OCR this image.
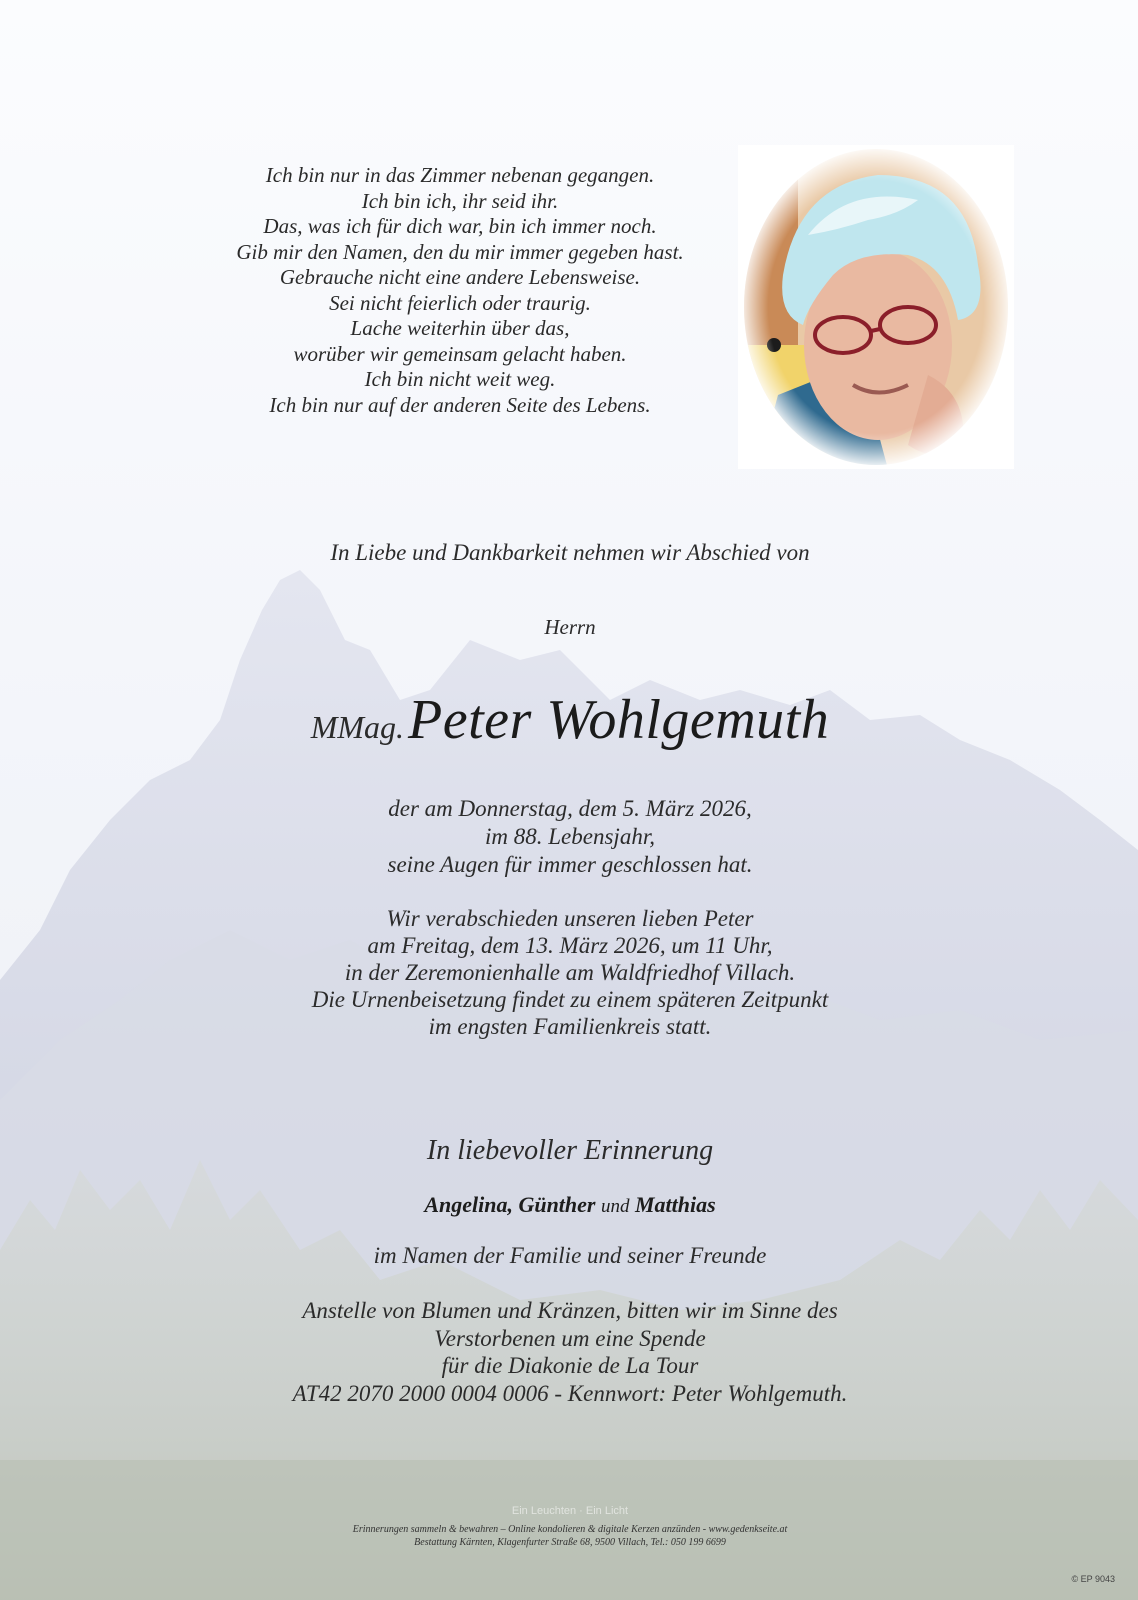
Ich bin nur in das Zimmer nebenan gegangen.
Ich bin ich, ihr seid ihr.
Das, was ich für dich war, bin ich immer noch.
Gib mir den Namen, den du mir immer gegeben hast.
Gebrauche nicht eine andere Lebensweise.
Sei nicht feierlich oder traurig.
Lache weiterhin über das,
worüber wir gemeinsam gelacht haben.
Ich bin nicht weit weg.
Ich bin nur auf der anderen Seite des Lebens.
In Liebe und Dankbarkeit nehmen wir Abschied von
Herrn
MMag. Peter Wohlgemuth
der am Donnerstag, dem 5. März 2026,
im 88. Lebensjahr,
seine Augen für immer geschlossen hat.
Wir verabschieden unseren lieben Peter
am Freitag, dem 13. März 2026, um 11 Uhr,
in der Zeremonienhalle am Waldfriedhof Villach.
Die Urnenbeisetzung findet zu einem späteren Zeitpunkt
im engsten Familienkreis statt.
In liebevoller Erinnerung
Angelina, Günther und Matthias
im Namen der Familie und seiner Freunde
Anstelle von Blumen und Kränzen, bitten wir im Sinne des
Verstorbenen um eine Spende
für die Diakonie de La Tour
AT42 2070 2000 0004 0006 - Kennwort: Peter Wohlgemuth.
Ein Leuchten · Ein Licht
Erinnerungen sammeln & bewahren – Online kondolieren & digitale Kerzen anzünden - www.gedenkseite.at
Bestattung Kärnten, Klagenfurter Straße 68, 9500 Villach, Tel.: 050 199 6699
© EP 9043
